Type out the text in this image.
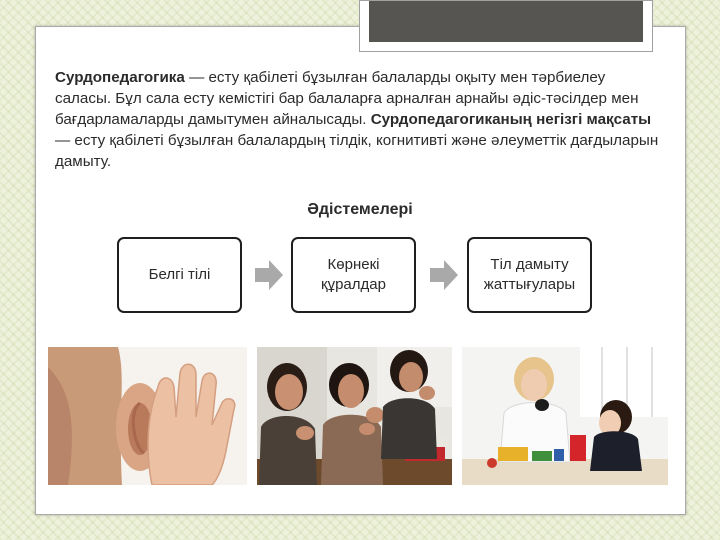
Сурдопедагогика — есту қабілеті бұзылған балаларды оқыту мен тәрбиелеу саласы. Бұл сала есту кемістігі бар балаларға арналған арнайы әдіс-тәсілдер мен бағдарламаларды дамытумен айналысады. Сурдопедагогиканың негізгі мақсаты — есту қабілеті бұзылған балалардың тілдік, когнитивті және әлеуметтік дағдыларын дамыту.
Әдістемелері
Белгі тілі
Көрнекі құралдар
Тіл дамыту жаттығулары
